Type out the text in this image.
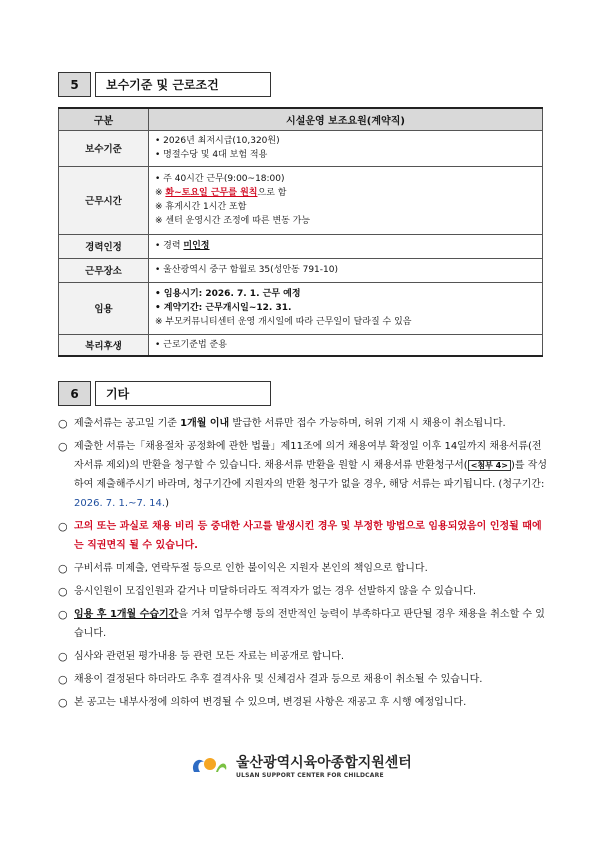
5	보수기준 및 근로조건
구분	시설운영 보조요원(계약직)
보수기준	• 2026년 최저시급(10,320원)
• 명절수당 및 4대 보험 적용

근무시간	• 주 40시간 근무(9:00~18:00)
※ 화~토요일 근무를 원칙으로 함
※ 휴게시간 1시간 포함
※ 센터 운영시간 조정에 따른 변동 가능

경력인정	• 경력 미인정
근무장소	• 울산광역시 중구 함월로 35(성안동 791-10)

임용	• 임용시기: 2026. 7. 1. 근무 예정
• 계약기간: 근무개시일~12. 31.
※ 부모커뮤니티센터 운영 개시일에 따라 근무일이 달라질 수 있음

복리후생	• 근로기준법 준용
6	기타
○ 제출서류는 공고일 기준 1개월 이내 발급한 서류만 접수 가능하며, 허위 기재 시 채용이 취소됩니다.
○ 제출한 서류는「채용절차 공정화에 관한 법률」제11조에 의거 채용여부 확정일 이후 14일까지 채용서류(전자서류 제외)의 반환을 청구할 수 있습니다. 채용서류 반환을 원할 시 채용서류 반환청구서( <첨부 4> )를 작성하여 제출해주시기 바라며, 청구기간에 지원자의 반환 청구가 없을 경우, 해당 서류는 파기됩니다. (청구기간: 2026. 7. 1.~7. 14.)
○ 고의 또는 과실로 채용 비리 등 중대한 사고를 발생시킨 경우 및 부정한 방법으로 임용되었음이 인정될 때에는 직권면직 될 수 있습니다.
○ 구비서류 미제출, 연락두절 등으로 인한 불이익은 지원자 본인의 책임으로 합니다.
○ 응시인원이 모집인원과 같거나 미달하더라도 적격자가 없는 경우 선발하지 않을 수 있습니다.
○ 임용 후 1개월 수습기간을 거쳐 업무수행 등의 전반적인 능력이 부족하다고 판단될 경우 채용을 취소할 수 있습니다.
○ 심사와 관련된 평가내용 등 관련 모든 자료는 비공개로 합니다.
○ 채용이 결정된다 하더라도 추후 결격사유 및 신체검사 결과 등으로 채용이 취소될 수 있습니다.
○ 본 공고는 내부사정에 의하여 변경될 수 있으며, 변경된 사항은 재공고 후 시행 예정입니다.
울산광역시육아종합지원센터
ULSAN SUPPORT CENTER FOR CHILDCARE
